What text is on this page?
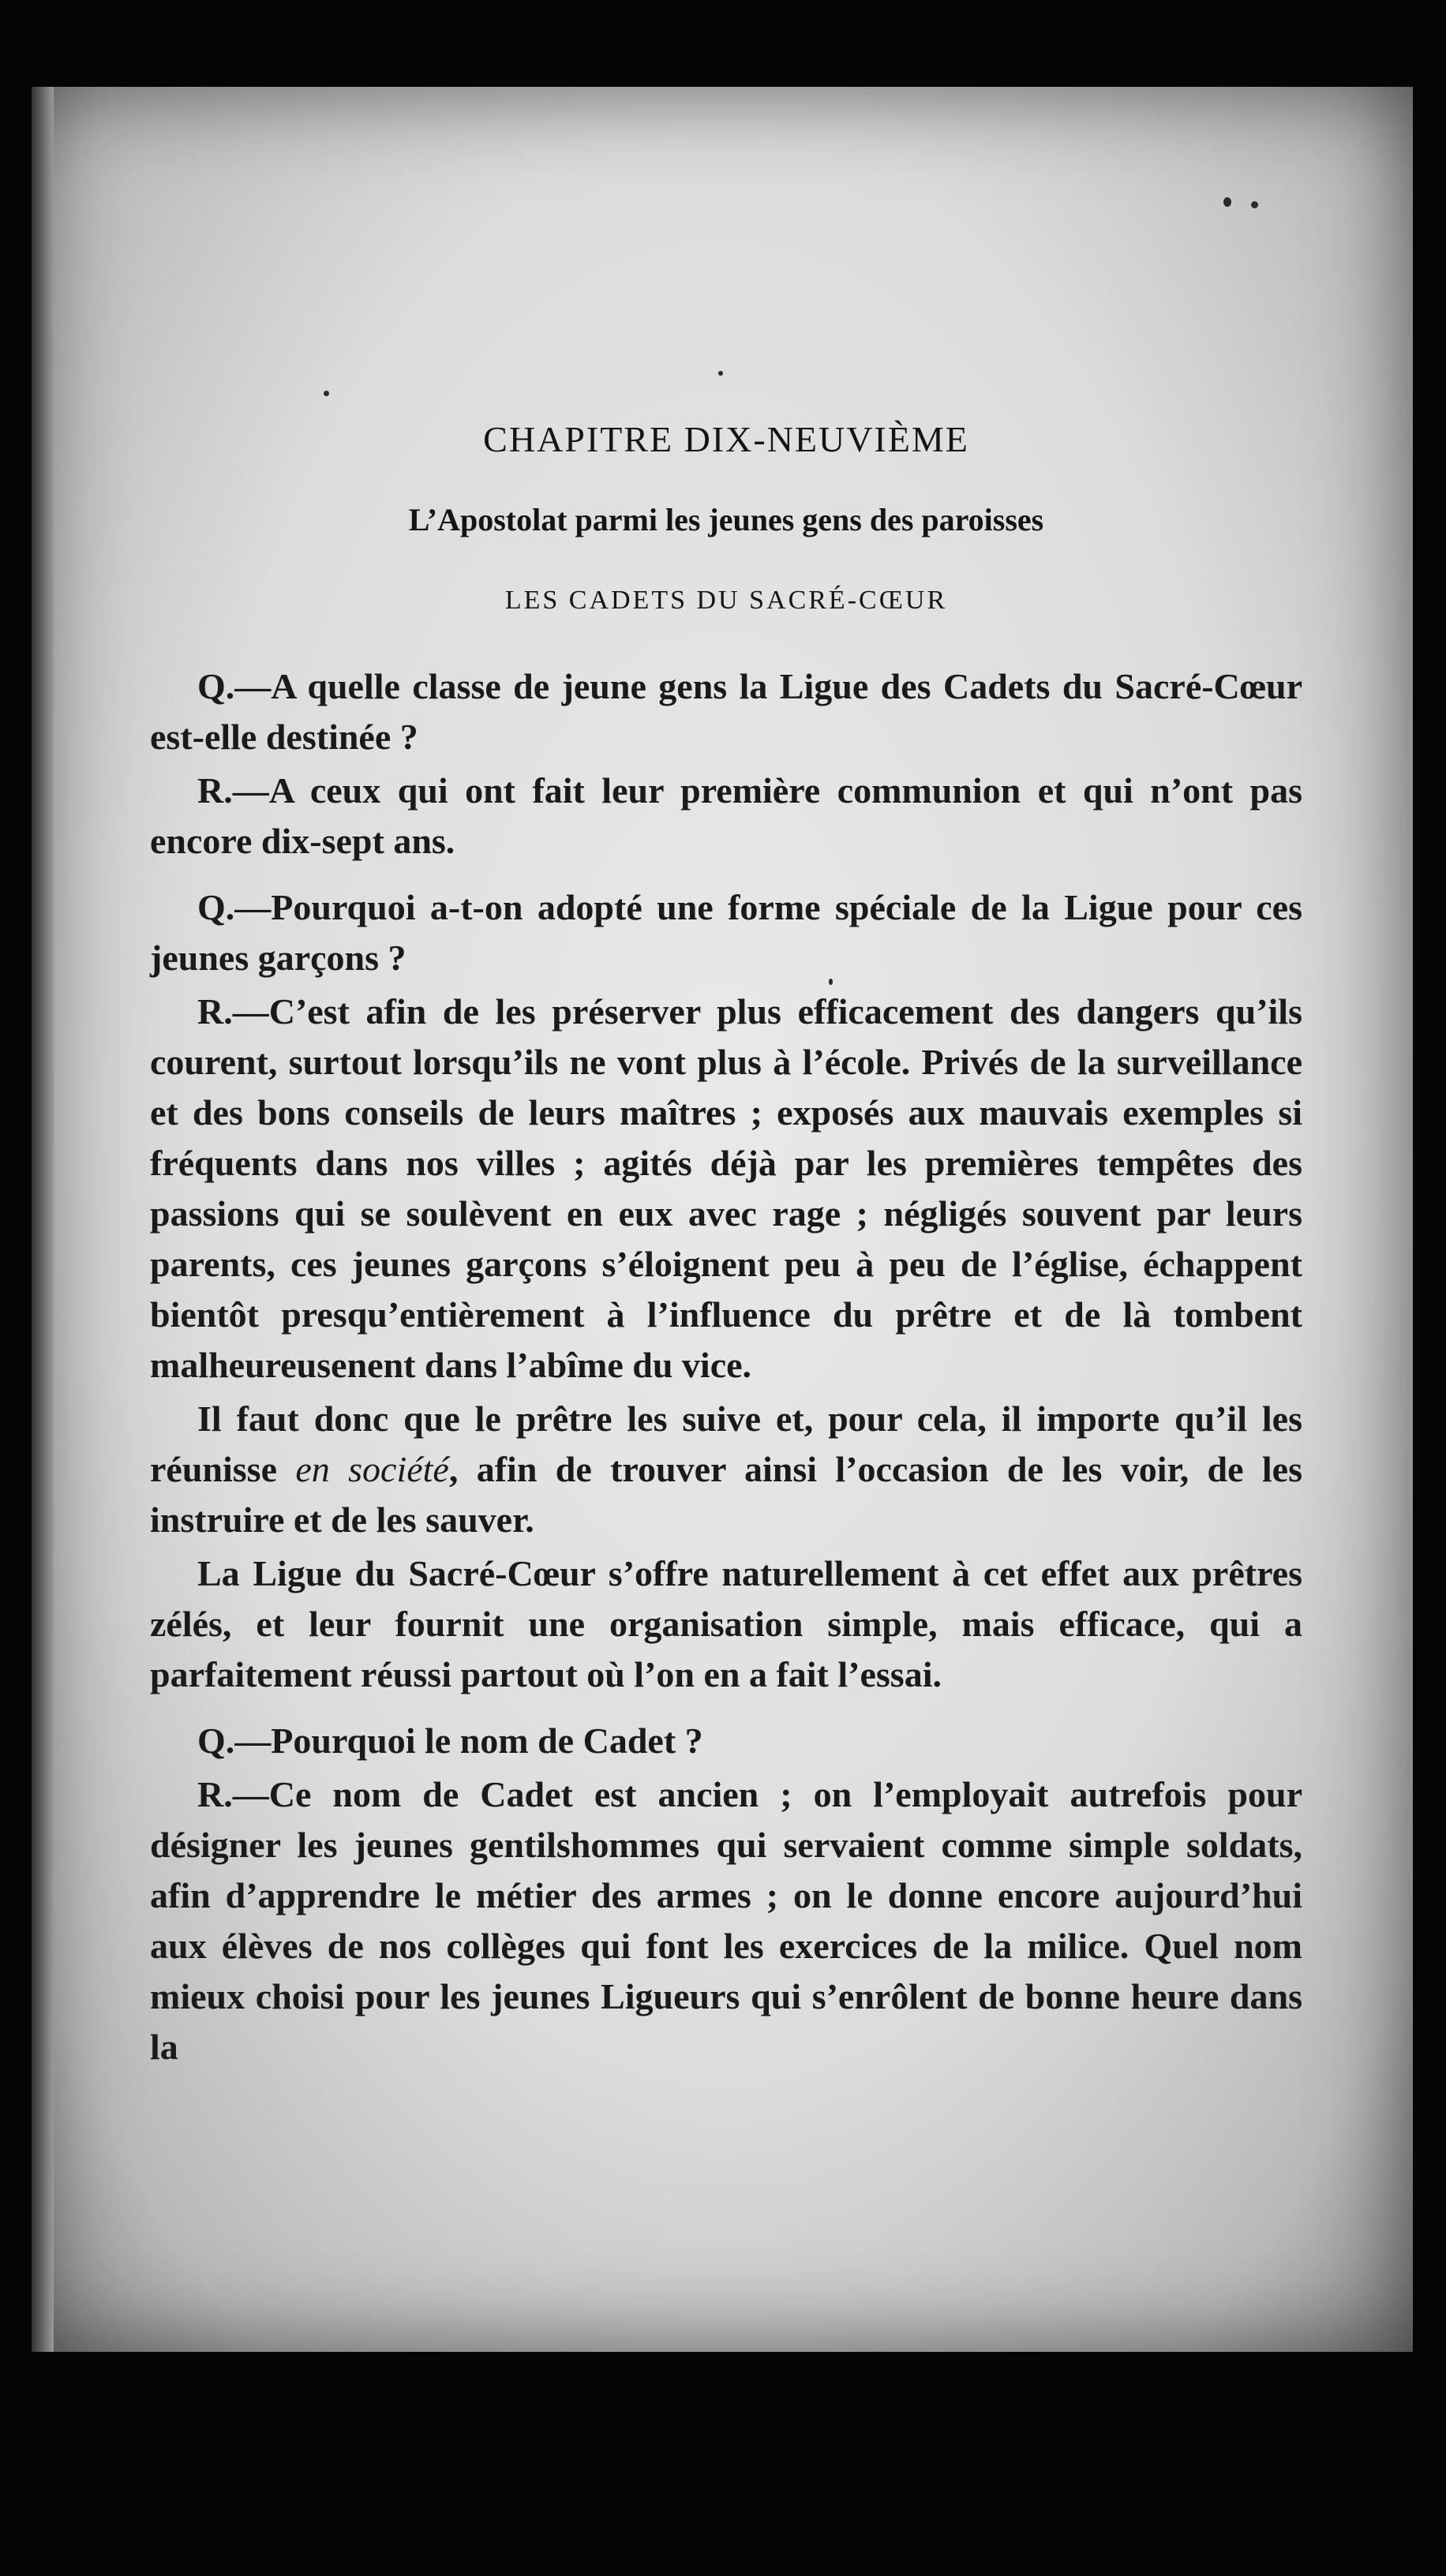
CHAPITRE DIX-NEUVIÈME
L’Apostolat parmi les jeunes gens des paroisses
LES CADETS DU SACRÉ-CŒUR

Q.—A quelle classe de jeune gens la Ligue des Cadets du Sacré-Cœur est-elle destinée ?

R.—A ceux qui ont fait leur première communion et qui n’ont pas encore dix-sept ans.

Q.—Pourquoi a-t-on adopté une forme spéciale de la Ligue pour ces jeunes garçons ?

R.—C’est afin de les préserver plus efficacement des dangers qu’ils courent, surtout lorsqu’ils ne vont plus à l’école. Privés de la surveillance et des bons conseils de leurs maîtres ; exposés aux mauvais exemples si fréquents dans nos villes ; agités déjà par les premières tempêtes des passions qui se soulèvent en eux avec rage ; négligés souvent par leurs parents, ces jeunes garçons s’éloignent peu à peu de l’église, échappent bientôt presqu’entièrement à l’influence du prêtre et de là tombent malheureusenent dans l’abîme du vice.

Il faut donc que le prêtre les suive et, pour cela, il importe qu’il les réunisse en société, afin de trouver ainsi l’occasion de les voir, de les instruire et de les sauver.

La Ligue du Sacré-Cœur s’offre naturellement à cet effet aux prêtres zélés, et leur fournit une organisation simple, mais efficace, qui a parfaitement réussi partout où l’on en a fait l’essai.

Q.—Pourquoi le nom de Cadet ?

R.—Ce nom de Cadet est ancien ; on l’employait autrefois pour désigner les jeunes gentilshommes qui servaient comme simple soldats, afin d’apprendre le métier des armes ; on le donne encore aujourd’hui aux élèves de nos collèges qui font les exercices de la milice. Quel nom mieux choisi pour les jeunes Ligueurs qui s’enrôlent de bonne heure dans la
